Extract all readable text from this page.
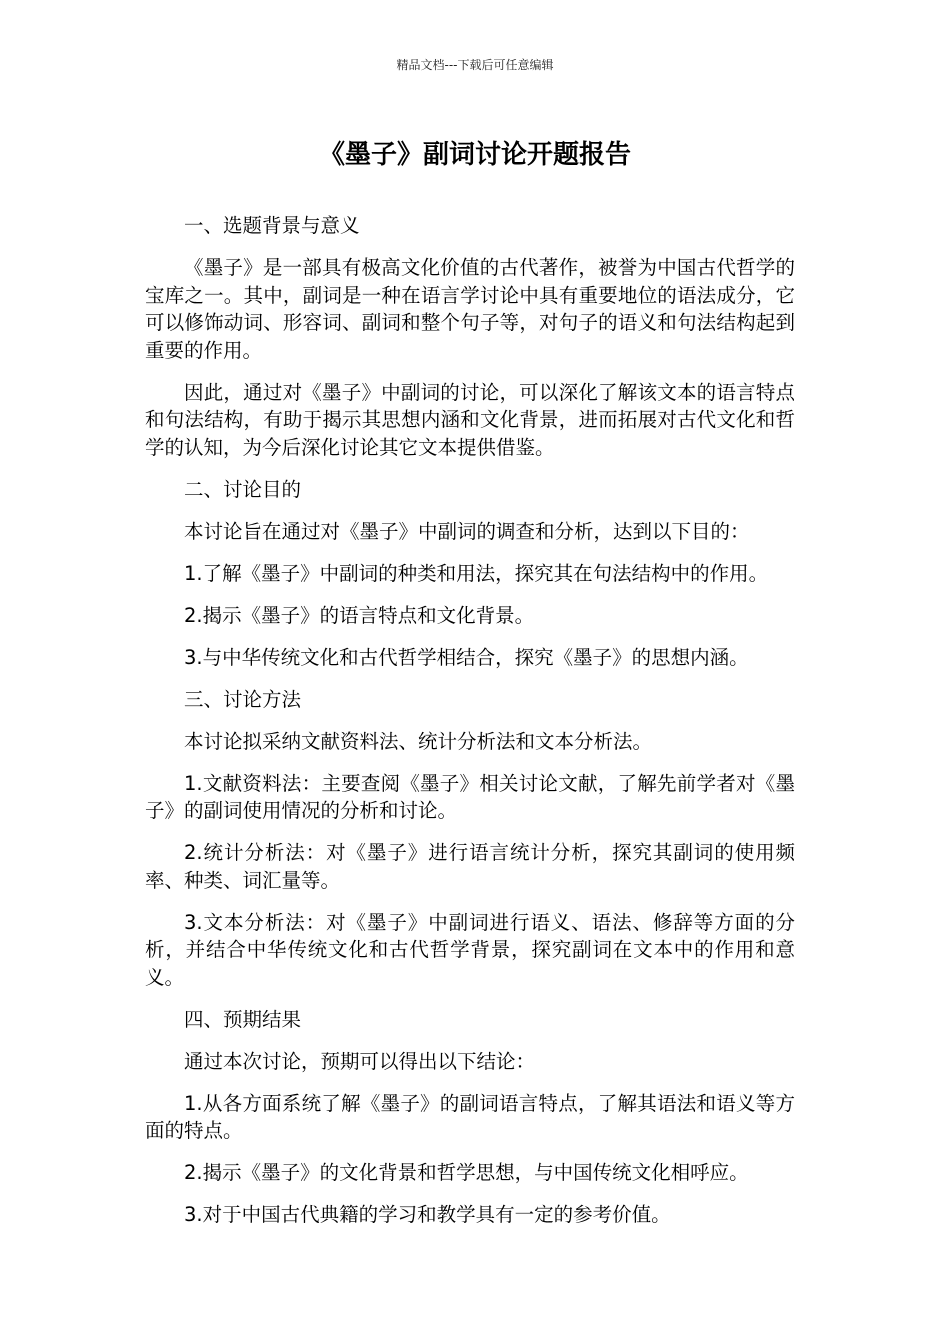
精品文档---下载后可任意编辑
《墨子》副词讨论开题报告

一、选题背景与意义

《墨子》是一部具有极高文化价值的古代著作，被誉为中国古代哲学的宝库之一。其中，副词是一种在语言学讨论中具有重要地位的语法成分，它可以修饰动词、形容词、副词和整个句子等，对句子的语义和句法结构起到重要的作用。

因此，通过对《墨子》中副词的讨论，可以深化了解该文本的语言特点和句法结构，有助于揭示其思想内涵和文化背景，进而拓展对古代文化和哲学的认知，为今后深化讨论其它文本提供借鉴。

二、讨论目的

本讨论旨在通过对《墨子》中副词的调查和分析，达到以下目的：

1.了解《墨子》中副词的种类和用法，探究其在句法结构中的作用。

2.揭示《墨子》的语言特点和文化背景。

3.与中华传统文化和古代哲学相结合，探究《墨子》的思想内涵。

三、讨论方法

本讨论拟采纳文献资料法、统计分析法和文本分析法。

1.文献资料法：主要查阅《墨子》相关讨论文献，了解先前学者对《墨子》的副词使用情况的分析和讨论。

2.统计分析法：对《墨子》进行语言统计分析，探究其副词的使用频率、种类、词汇量等。

3.文本分析法：对《墨子》中副词进行语义、语法、修辞等方面的分析，并结合中华传统文化和古代哲学背景，探究副词在文本中的作用和意义。

四、预期结果

通过本次讨论，预期可以得出以下结论：

1.从各方面系统了解《墨子》的副词语言特点，了解其语法和语义等方面的特点。

2.揭示《墨子》的文化背景和哲学思想，与中国传统文化相呼应。

3.对于中国古代典籍的学习和教学具有一定的参考价值。
